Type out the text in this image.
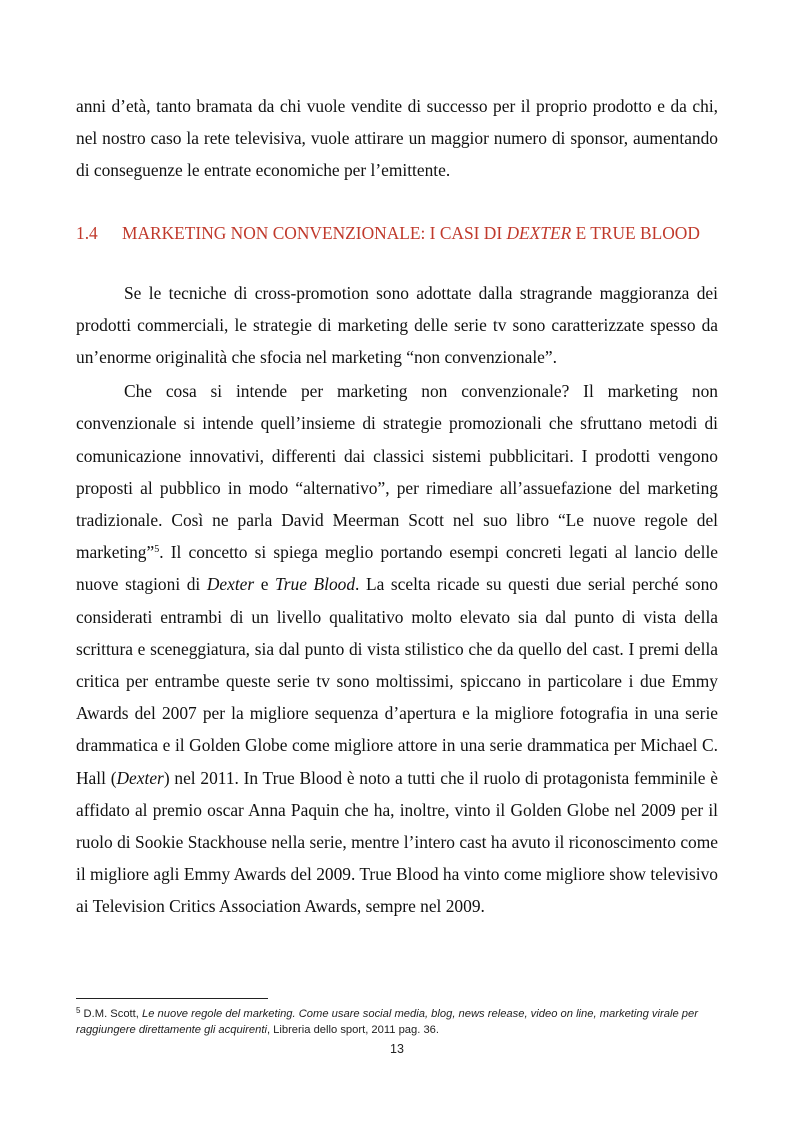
anni d’età, tanto bramata da chi vuole vendite di successo per il proprio prodotto e da chi, nel nostro caso la rete televisiva, vuole attirare un maggior numero di sponsor, aumentando di conseguenze le entrate economiche per l’emittente.

1.4 MARKETING NON CONVENZIONALE: I CASI DI DEXTER E TRUE BLOOD

Se le tecniche di cross-promotion sono adottate dalla stragrande maggioranza dei prodotti commerciali, le strategie di marketing delle serie tv sono caratterizzate spesso da un’enorme originalità che sfocia nel marketing “non convenzionale”.

Che cosa si intende per marketing non convenzionale? Il marketing non convenzionale si intende quell’insieme di strategie promozionali che sfruttano metodi di comunicazione innovativi, differenti dai classici sistemi pubblicitari. I prodotti vengono proposti al pubblico in modo “alternativo”, per rimediare all’assuefazione del marketing tradizionale. Così ne parla David Meerman Scott nel suo libro “Le nuove regole del marketing”$^5$. Il concetto si spiega meglio portando esempi concreti legati al lancio delle nuove stagioni di Dexter e True Blood. La scelta ricade su questi due serial perché sono considerati entrambi di un livello qualitativo molto elevato sia dal punto di vista della scrittura e sceneggiatura, sia dal punto di vista stilistico che da quello del cast. I premi della critica per entrambe queste serie tv sono moltissimi, spiccano in particolare i due Emmy Awards del 2007 per la migliore sequenza d’apertura e la migliore fotografia in una serie drammatica e il Golden Globe come migliore attore in una serie drammatica per Michael C. Hall (Dexter) nel 2011. In True Blood è noto a tutti che il ruolo di protagonista femminile è affidato al premio oscar Anna Paquin che ha, inoltre, vinto il Golden Globe nel 2009 per il ruolo di Sookie Stackhouse nella serie, mentre l’intero cast ha avuto il riconoscimento come il migliore agli Emmy Awards del 2009. True Blood ha vinto come migliore show televisivo ai Television Critics Association Awards, sempre nel 2009.

$^5$ D.M. Scott, Le nuove regole del marketing. Come usare social media, blog, news release, video on line, marketing virale per raggiungere direttamente gli acquirenti, Libreria dello sport, 2011 pag. 36.
13
